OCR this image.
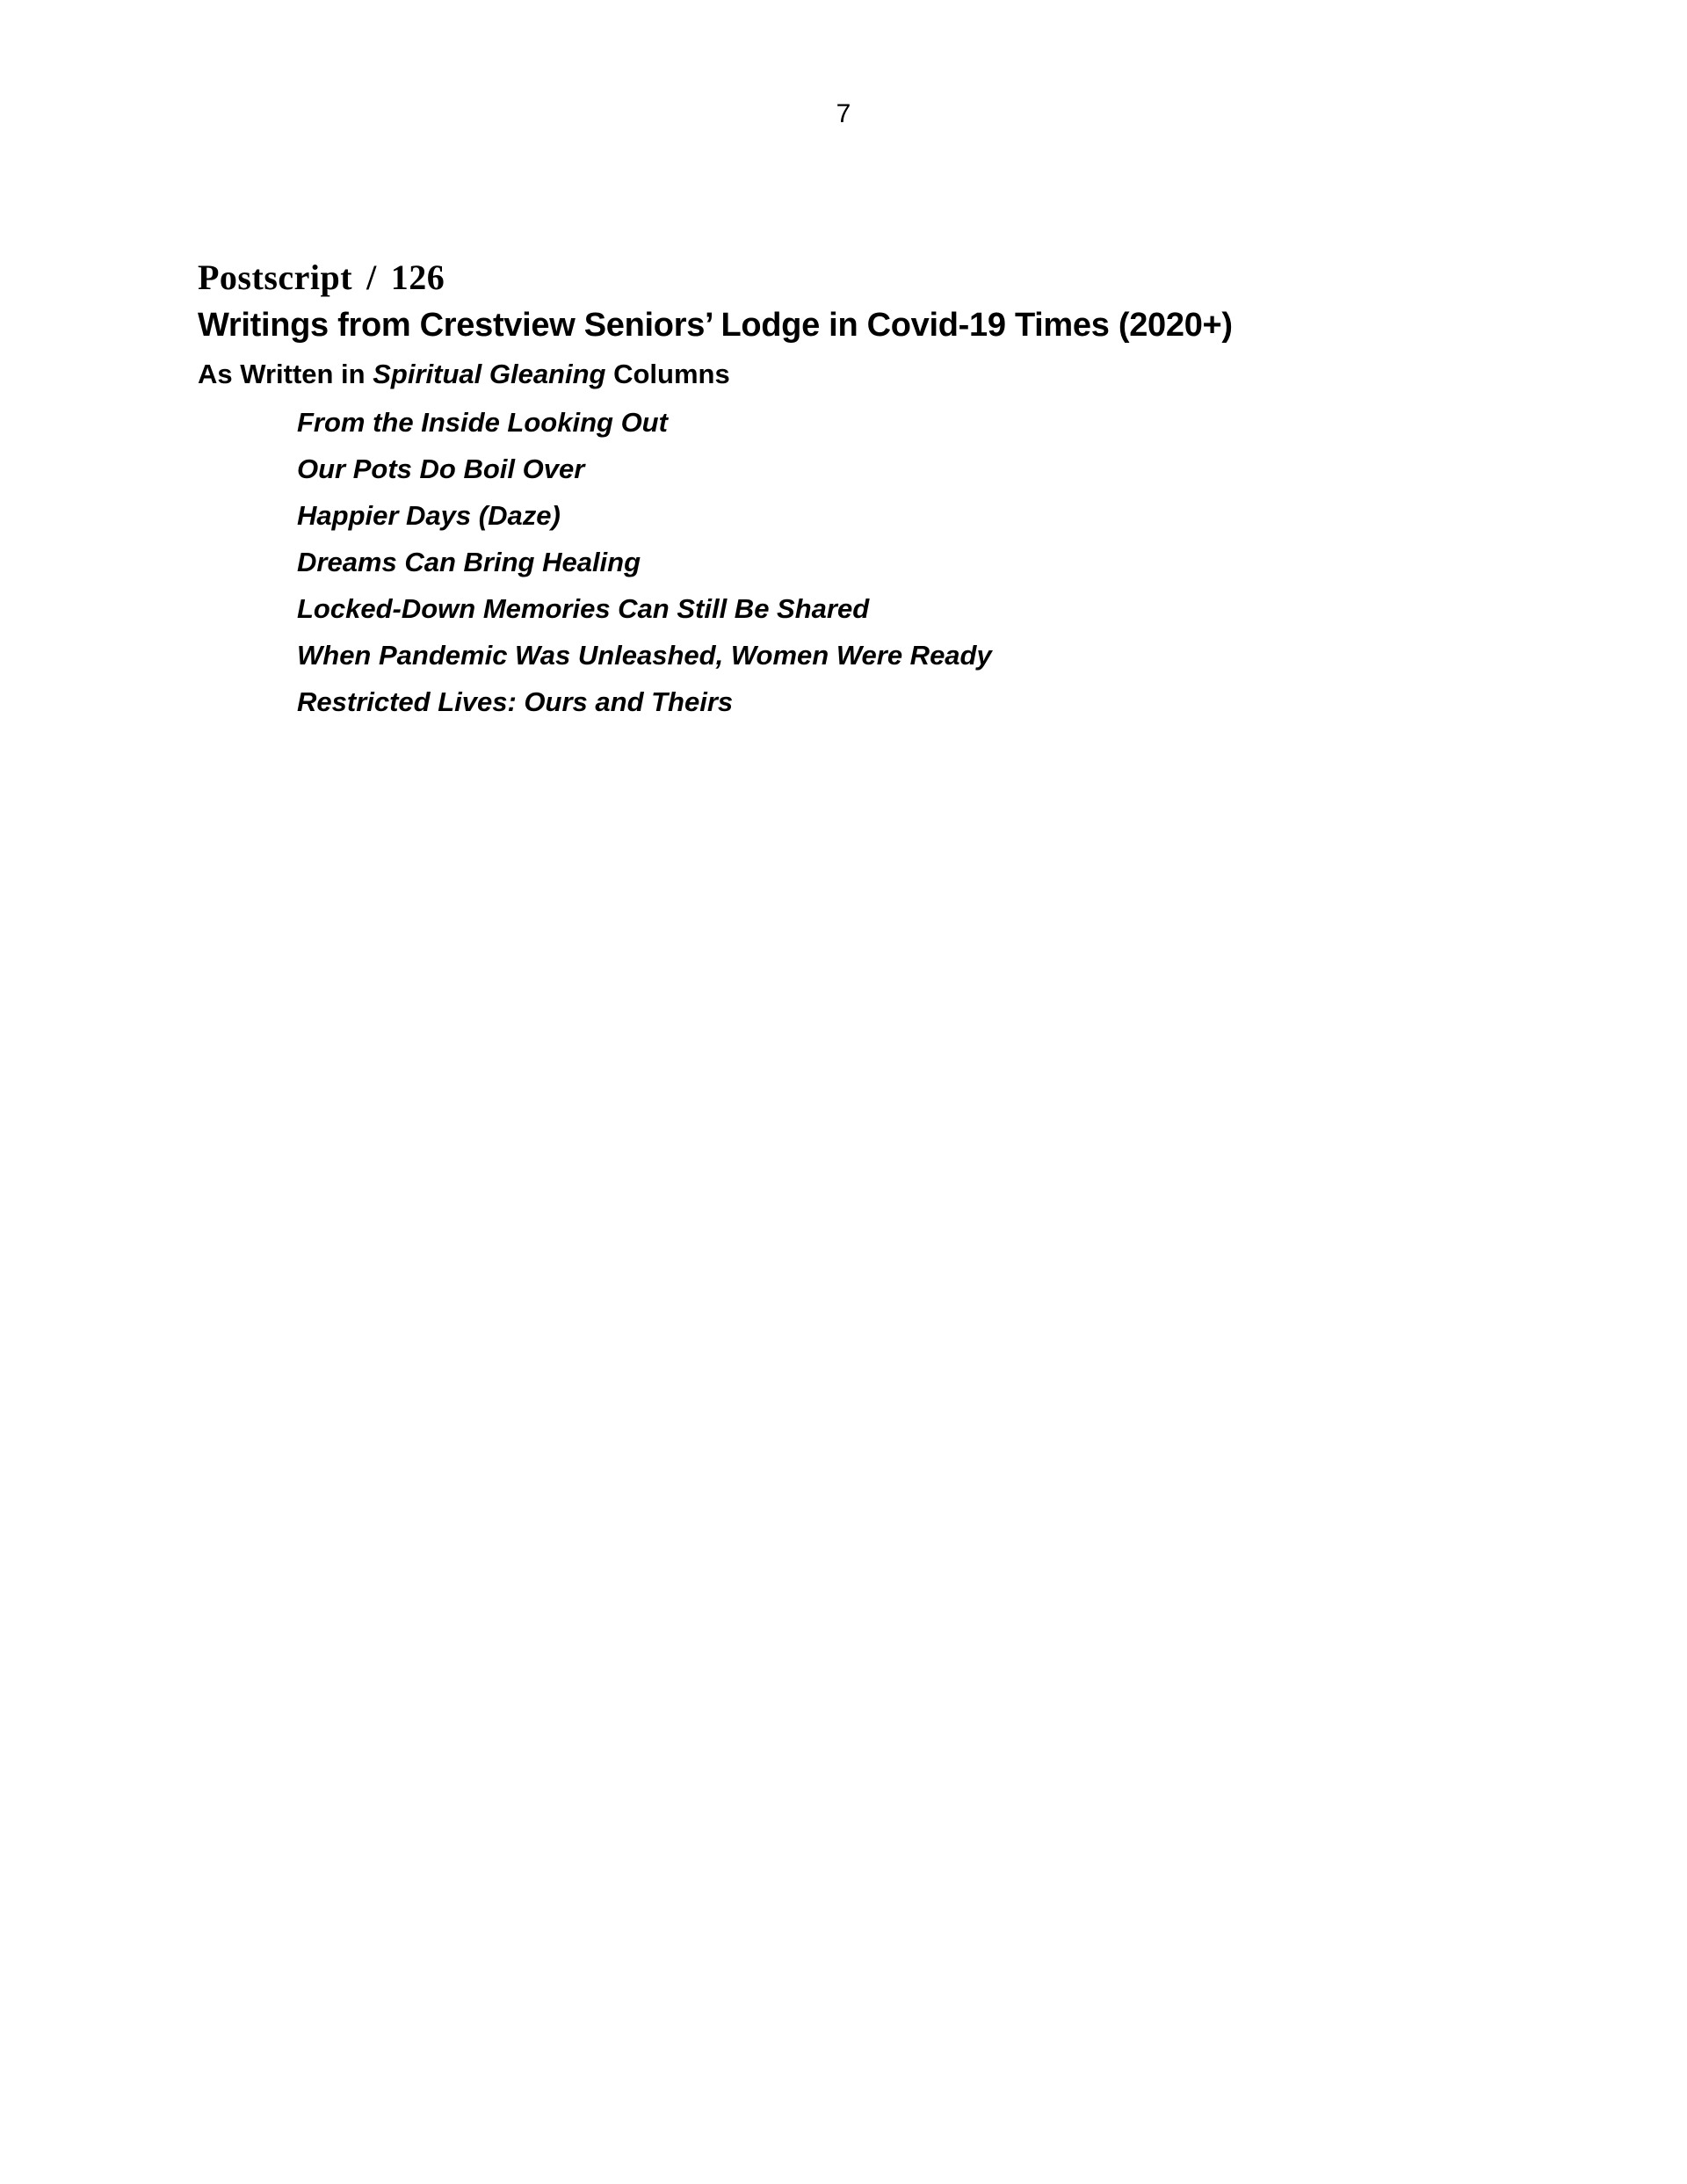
7

Postscript / 126

Writings from Crestview Seniors’ Lodge in Covid-19 Times (2020+)

As Written in Spiritual Gleaning Columns

From the Inside Looking Out
Our Pots Do Boil Over
Happier Days (Daze)
Dreams Can Bring Healing
Locked-Down Memories Can Still Be Shared
When Pandemic Was Unleashed, Women Were Ready
Restricted Lives: Ours and Theirs
